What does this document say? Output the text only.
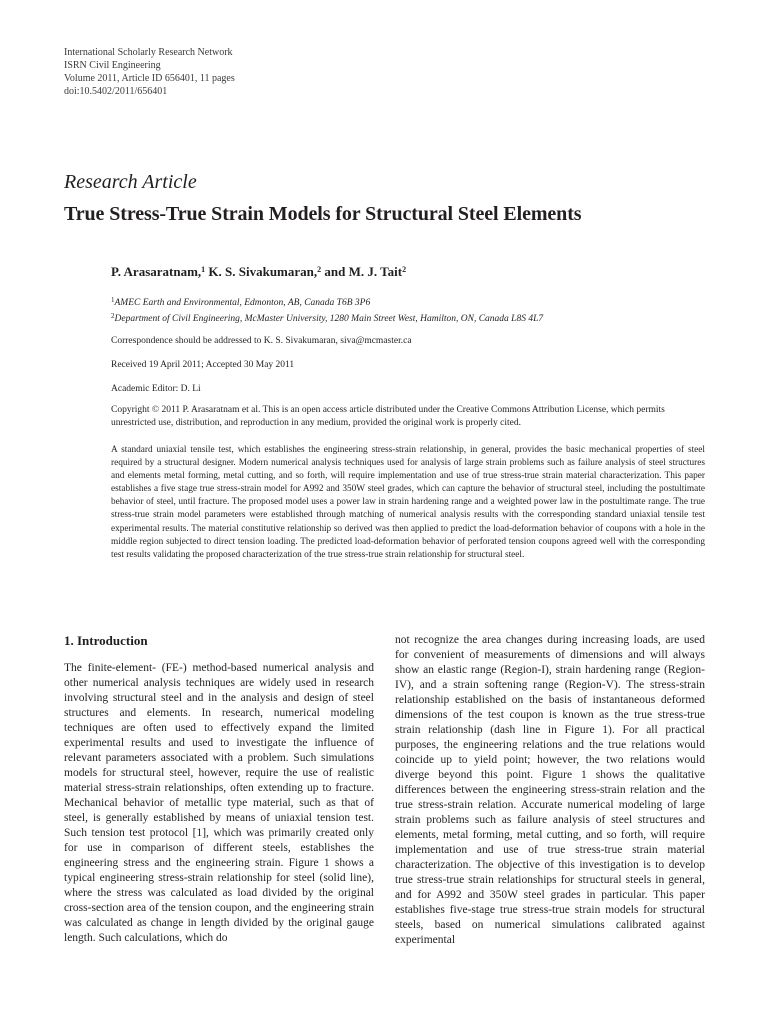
International Scholarly Research Network
ISRN Civil Engineering
Volume 2011, Article ID 656401, 11 pages
doi:10.5402/2011/656401
Research Article
True Stress-True Strain Models for Structural Steel Elements
P. Arasaratnam,$^1$ K. S. Sivakumaran,$^2$ and M. J. Tait$^2$
$^1$AMEC Earth and Environmental, Edmonton, AB, Canada T6B 3P6
$^2$Department of Civil Engineering, McMaster University, 1280 Main Street West, Hamilton, ON, Canada L8S 4L7
Correspondence should be addressed to K. S. Sivakumaran, siva@mcmaster.ca
Received 19 April 2011; Accepted 30 May 2011
Academic Editor: D. Li
Copyright © 2011 P. Arasaratnam et al. This is an open access article distributed under the Creative Commons Attribution License, which permits unrestricted use, distribution, and reproduction in any medium, provided the original work is properly cited.
A standard uniaxial tensile test, which establishes the engineering stress-strain relationship, in general, provides the basic mechanical properties of steel required by a structural designer. Modern numerical analysis techniques used for analysis of large strain problems such as failure analysis of steel structures and elements metal forming, metal cutting, and so forth, will require implementation and use of true stress-true strain material characterization. This paper establishes a five stage true stress-strain model for A992 and 350W steel grades, which can capture the behavior of structural steel, including the postultimate behavior of steel, until fracture. The proposed model uses a power law in strain hardening range and a weighted power law in the postultimate range. The true stress-true strain model parameters were established through matching of numerical analysis results with the corresponding standard uniaxial tensile test experimental results. The material constitutive relationship so derived was then applied to predict the load-deformation behavior of coupons with a hole in the middle region subjected to direct tension loading. The predicted load-deformation behavior of perforated tension coupons agreed well with the corresponding test results validating the proposed characterization of the true stress-true strain relationship for structural steel.
1. Introduction

The finite-element- (FE-) method-based numerical analysis and other numerical analysis techniques are widely used in research involving structural steel and in the analysis and design of steel structures and elements. In research, numerical modeling techniques are often used to effectively expand the limited experimental results and used to investigate the influence of relevant parameters associated with a problem. Such simulations models for structural steel, however, require the use of realistic material stress-strain relationships, often extending up to fracture. Mechanical behavior of metallic type material, such as that of steel, is generally established by means of uniaxial tension test. Such tension test protocol [1], which was primarily created only for use in comparison of different steels, establishes the engineering stress and the engineering strain. Figure 1 shows a typical engineering stress-strain relationship for steel (solid line), where the stress was calculated as load divided by the original cross-section area of the tension coupon, and the engineering strain was calculated as change in length divided by the original gauge length. Such calculations, which do

not recognize the area changes during increasing loads, are used for convenient of measurements of dimensions and will always show an elastic range (Region-I), strain hardening range (Region-IV), and a strain softening range (Region-V). The stress-strain relationship established on the basis of instantaneous deformed dimensions of the test coupon is known as the true stress-true strain relationship (dash line in Figure 1). For all practical purposes, the engineering relations and the true relations would coincide up to yield point; however, the two relations would diverge beyond this point. Figure 1 shows the qualitative differences between the engineering stress-strain relation and the true stress-strain relation. Accurate numerical modeling of large strain problems such as failure analysis of steel structures and elements, metal forming, metal cutting, and so forth, will require implementation and use of true stress-true strain material characterization. The objective of this investigation is to develop true stress-true strain relationships for structural steels in general, and for A992 and 350W steel grades in particular. This paper establishes five-stage true stress-true strain models for structural steels, based on numerical simulations calibrated against experimental
